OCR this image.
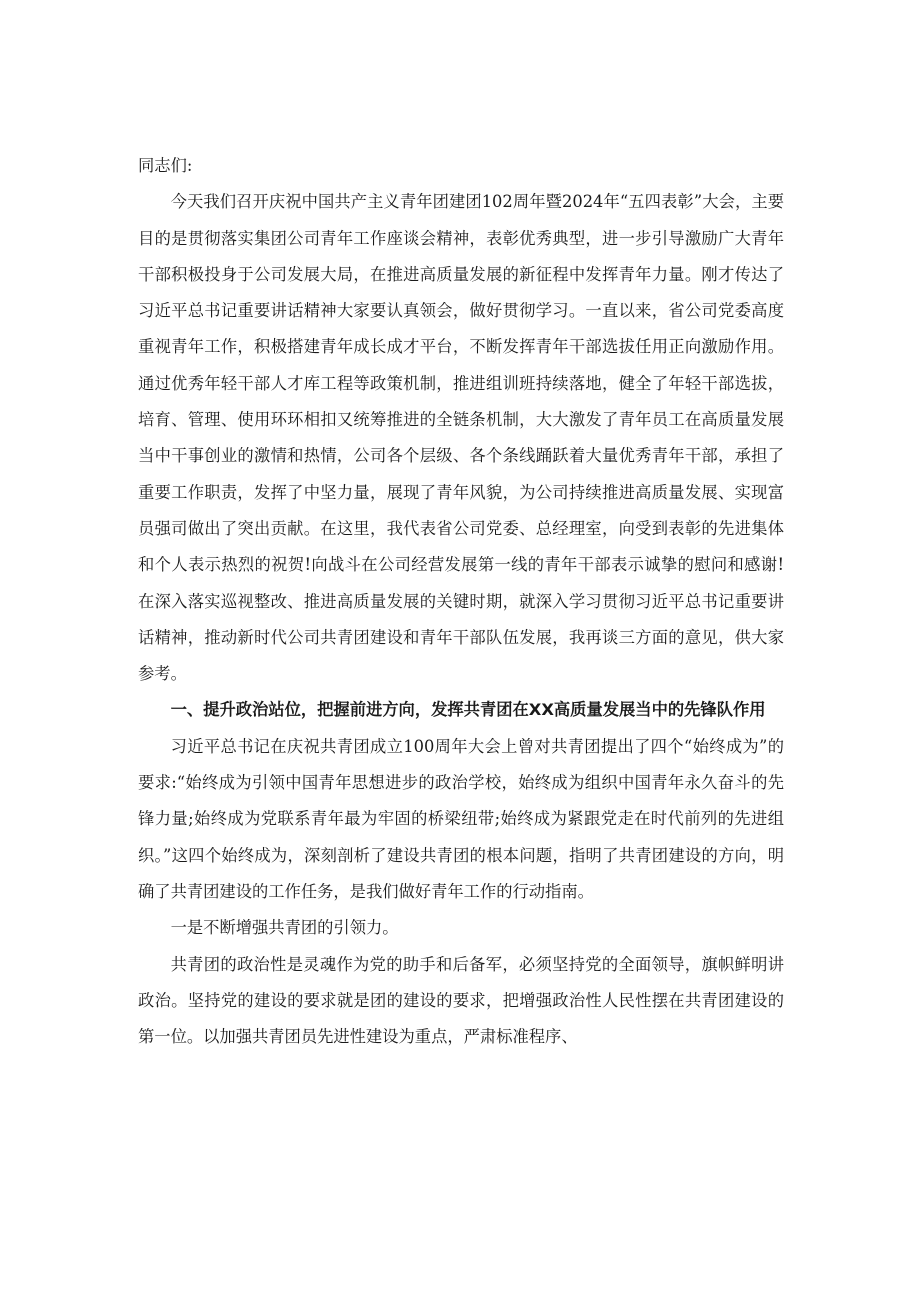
同志们:

今天我们召开庆祝中国共产主义青年团建团102周年暨2024年“五四表彰”大会，主要目的是贯彻落实集团公司青年工作座谈会精神，表彰优秀典型，进一步引导激励广大青年干部积极投身于公司发展大局，在推进高质量发展的新征程中发挥青年力量。刚才传达了习近平总书记重要讲话精神大家要认真领会，做好贯彻学习。一直以来，省公司党委高度重视青年工作，积极搭建青年成长成才平台，不断发挥青年干部选拔任用正向激励作用。通过优秀年轻干部人才库工程等政策机制，推进组训班持续落地，健全了年轻干部选拔，培育、管理、使用环环相扣又统筹推进的全链条机制，大大激发了青年员工在高质量发展当中干事创业的激情和热情，公司各个层级、各个条线踊跃着大量优秀青年干部，承担了重要工作职责，发挥了中坚力量，展现了青年风貌，为公司持续推进高质量发展、实现富员强司做出了突出贡献。在这里，我代表省公司党委、总经理室，向受到表彰的先进集体和个人表示热烈的祝贺!向战斗在公司经营发展第一线的青年干部表示诚挚的慰问和感谢!在深入落实巡视整改、推进高质量发展的关键时期，就深入学习贯彻习近平总书记重要讲话精神，推动新时代公司共青团建设和青年干部队伍发展，我再谈三方面的意见，供大家参考。

一、提升政治站位，把握前进方向，发挥共青团在XX高质量发展当中的先锋队作用

习近平总书记在庆祝共青团成立100周年大会上曾对共青团提出了四个“始终成为”的要求:“始终成为引领中国青年思想进步的政治学校，始终成为组织中国青年永久奋斗的先锋力量;始终成为党联系青年最为牢固的桥梁纽带;始终成为紧跟党走在时代前列的先进组织。”这四个始终成为，深刻剖析了建设共青团的根本问题，指明了共青团建设的方向，明确了共青团建设的工作任务，是我们做好青年工作的行动指南。

一是不断增强共青团的引领力。

共青团的政治性是灵魂作为党的助手和后备军，必须坚持党的全面领导，旗帜鲜明讲政治。坚持党的建设的要求就是团的建设的要求，把增强政治性人民性摆在共青团建设的第一位。以加强共青团员先进性建设为重点，严肃标准程序、
